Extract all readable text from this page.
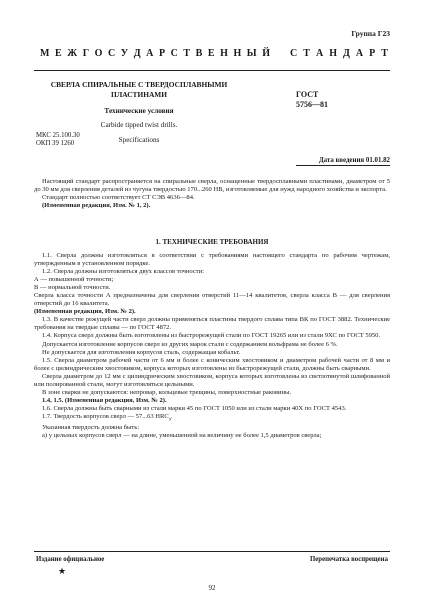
Группа Г23
М Е Ж Г О С У Д А Р С Т В Е Н Н Ы Й С Т А Н Д А Р Т
СВЕРЛА СПИРАЛЬНЫЕ С ТВЕРДОСПЛАВНЫМИ
ПЛАСТИНАМИ
Технические условия
Carbide tipped twist drills.
Specifications
МКС 25.100.30
ОКП 39 1260
ГОСТ
5756—81
Дата введения 01.01.82

Настоящий стандарт распространяется на спиральные сверла, оснащенные твердосплавными пластинами, диаметром от 5 до 30 мм для сверления деталей из чугуна твердостью 170...260 НВ, изготовляемые для нужд народного хозяйства и экспорта.

Стандарт полностью соответствует СТ СЭВ 4636—84.

(Измененная редакция, Изм. № 1, 2).

1. ТЕХНИЧЕСКИЕ ТРЕБОВАНИЯ

1.1. Сверла должны изготовляться в соответствии с требованиями настоящего стандарта по рабочим чертежам, утвержденным в установленном порядке.

1.2. Сверла должны изготовляться двух классов точности:

А — повышенной точности;

В — нормальной точности.

Сверла класса точности А предназначены для сверления отверстий 11—14 квалитетов, сверла класса В — для сверления отверстий до 16 квалитета.

(Измененная редакция, Изм. № 2).

1.3. В качестве режущей части сверл должны применяться пластины твердого сплава типа ВК по ГОСТ 3882. Технические требования на твердые сплавы — по ГОСТ 4872.

1.4. Корпуса сверл должны быть изготовлены из быстрорежущей стали по ГОСТ 19265 или из стали 9ХС по ГОСТ 5950.

Допускается изготовление корпусов сверл из других марок стали с содержанием вольфрама не более 6 %.

Не допускается для изготовления корпусов сталь, содержащая кобальт.

1.5. Сверла диаметром рабочей части от 6 мм и более с коническим хвостовиком и диаметром рабочей части от 8 мм и более с цилиндрическим хвостовиком, корпуса которых изготовлены из быстрорежущей стали, должны быть сварными.

Сверла диаметром до 12 мм с цилиндрическим хвостовиком, корпуса которых изготовлены из светлотянутой шлифованной или полированной стали, могут изготовляться цельными.

В зоне сварки не допускаются: непровар, кольцевые трещины, поверхностные раковины.

1.4, 1.5. (Измененная редакция, Изм. № 2).

1.6. Сверла должны быть сварными из стали марки 45 по ГОСТ 1050 или из стали марки 40Х по ГОСТ 4543.

1.7. Твердость корпусов сверл — 57...63 $HRC_э$.

Указанная твердость должна быть:

а) у цельных корпусов сверл — на длине, уменьшенной на величину не более 1,5 диаметров сверла;

Издание официальное	Перепечатка воспрещена
★
92
